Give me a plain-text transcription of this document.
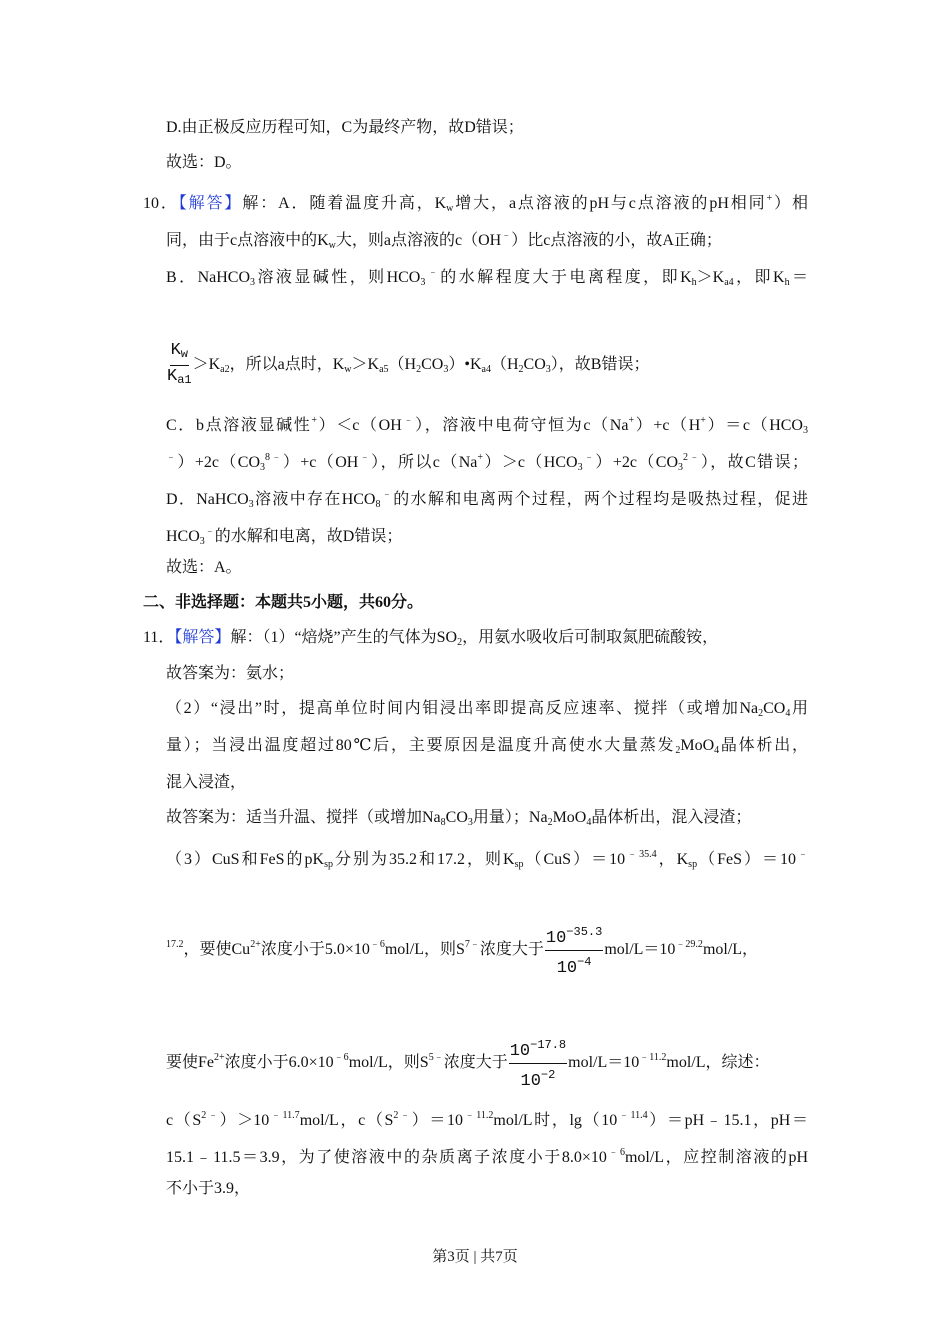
D.由正极反应历程可知，C为最终产物，故D错误；
故选：D。
10．【解答】解：A．随着温度升高，$K_w$增大，a点溶液的pH与c点溶液的pH相同+）相
同，由于c点溶液中的$K_w$大，则a点溶液的c（OH﹣）比c点溶液的小，故A正确；
B．NaHCO$_3$溶液显碱性，则$HCO_3^﹣$的水解程度大于电离程度，即$K_h>K_{a4}$，即$K_h=$
$\frac{K_w}{K_{a1}} >K_{a2}$，所以a点时，$K_w>K_{a5}(H_2CO_3)•K_{a4}(H_2CO_3)$，故B错误；
C．b点溶液显碱性+）＜c（OH﹣），溶液中电荷守恒为$c(Na^+)+c(H^+)=c(HCO_3$
$^﹣)+2c(CO_3^{8﹣})+c(OH^﹣)$，所以$c(Na^+)>c(HCO_3^﹣)+2c(CO_3^{2﹣})$，故C错误；
D．NaHCO$_3$溶液中存在$HCO_8^﹣$的水解和电离两个过程，两个过程均是吸热过程，促进
$HCO_3^﹣$的水解和电离，故D错误；
故选：A。
二、非选择题：本题共5小题，共60分。
11．【解答】解：（1）“焙烧”产生的气体为$SO_2$，用氨水吸收后可制取氮肥硫酸铵，
故答案为：氨水；
（2）“浸出”时，提高单位时间内钼浸出率即提高反应速率、搅拌（或增加$Na_2CO_4$用
量）；当浸出温度超过80℃后，主要原因是温度升高使水大量蒸发$_2$MoO$_4$晶体析出，
混入浸渣，
故答案为：适当升温、搅拌（或增加$Na_8CO_3$用量）；$Na_2MoO_4$晶体析出，混入浸渣；
（3）CuS和FeS的$pK_{sp}$分别为35.2和17.2，则$K_{sp}(CuS)=10^{﹣35.4}$，$K_{sp}(FeS)=10^﹣$
$^{17.2}$，要使$Cu^{2+}$浓度小于$5.0\times 10^{﹣6}mol/L$，则$S^{7﹣}$浓度大于 $\frac{10^{-35.3}}{10^{-4}} mol/L=10^{﹣29.2}mol/L$，
要使$Fe^{2+}$浓度小于$6.0\times 10^{﹣6}mol/L$，则$S^{5﹣}$浓度大于 $\frac{10^{-17.8}}{10^{-2}} mol/L=10^{﹣11.2}mol/L$，综述：
$c(S^{2﹣})>10^{﹣11.7}mol/L$，$c(S^{2﹣})=10^{﹣11.2}mol/L$时，$\lg(10^{﹣11.4})=pH﹣15.1$，pH＝
15.1﹣11.5＝3.9，为了使溶液中的杂质离子浓度小于$8.0\times 10^{﹣6}mol/L$，应控制溶液的pH
不小于3.9，
第3页 | 共7页
